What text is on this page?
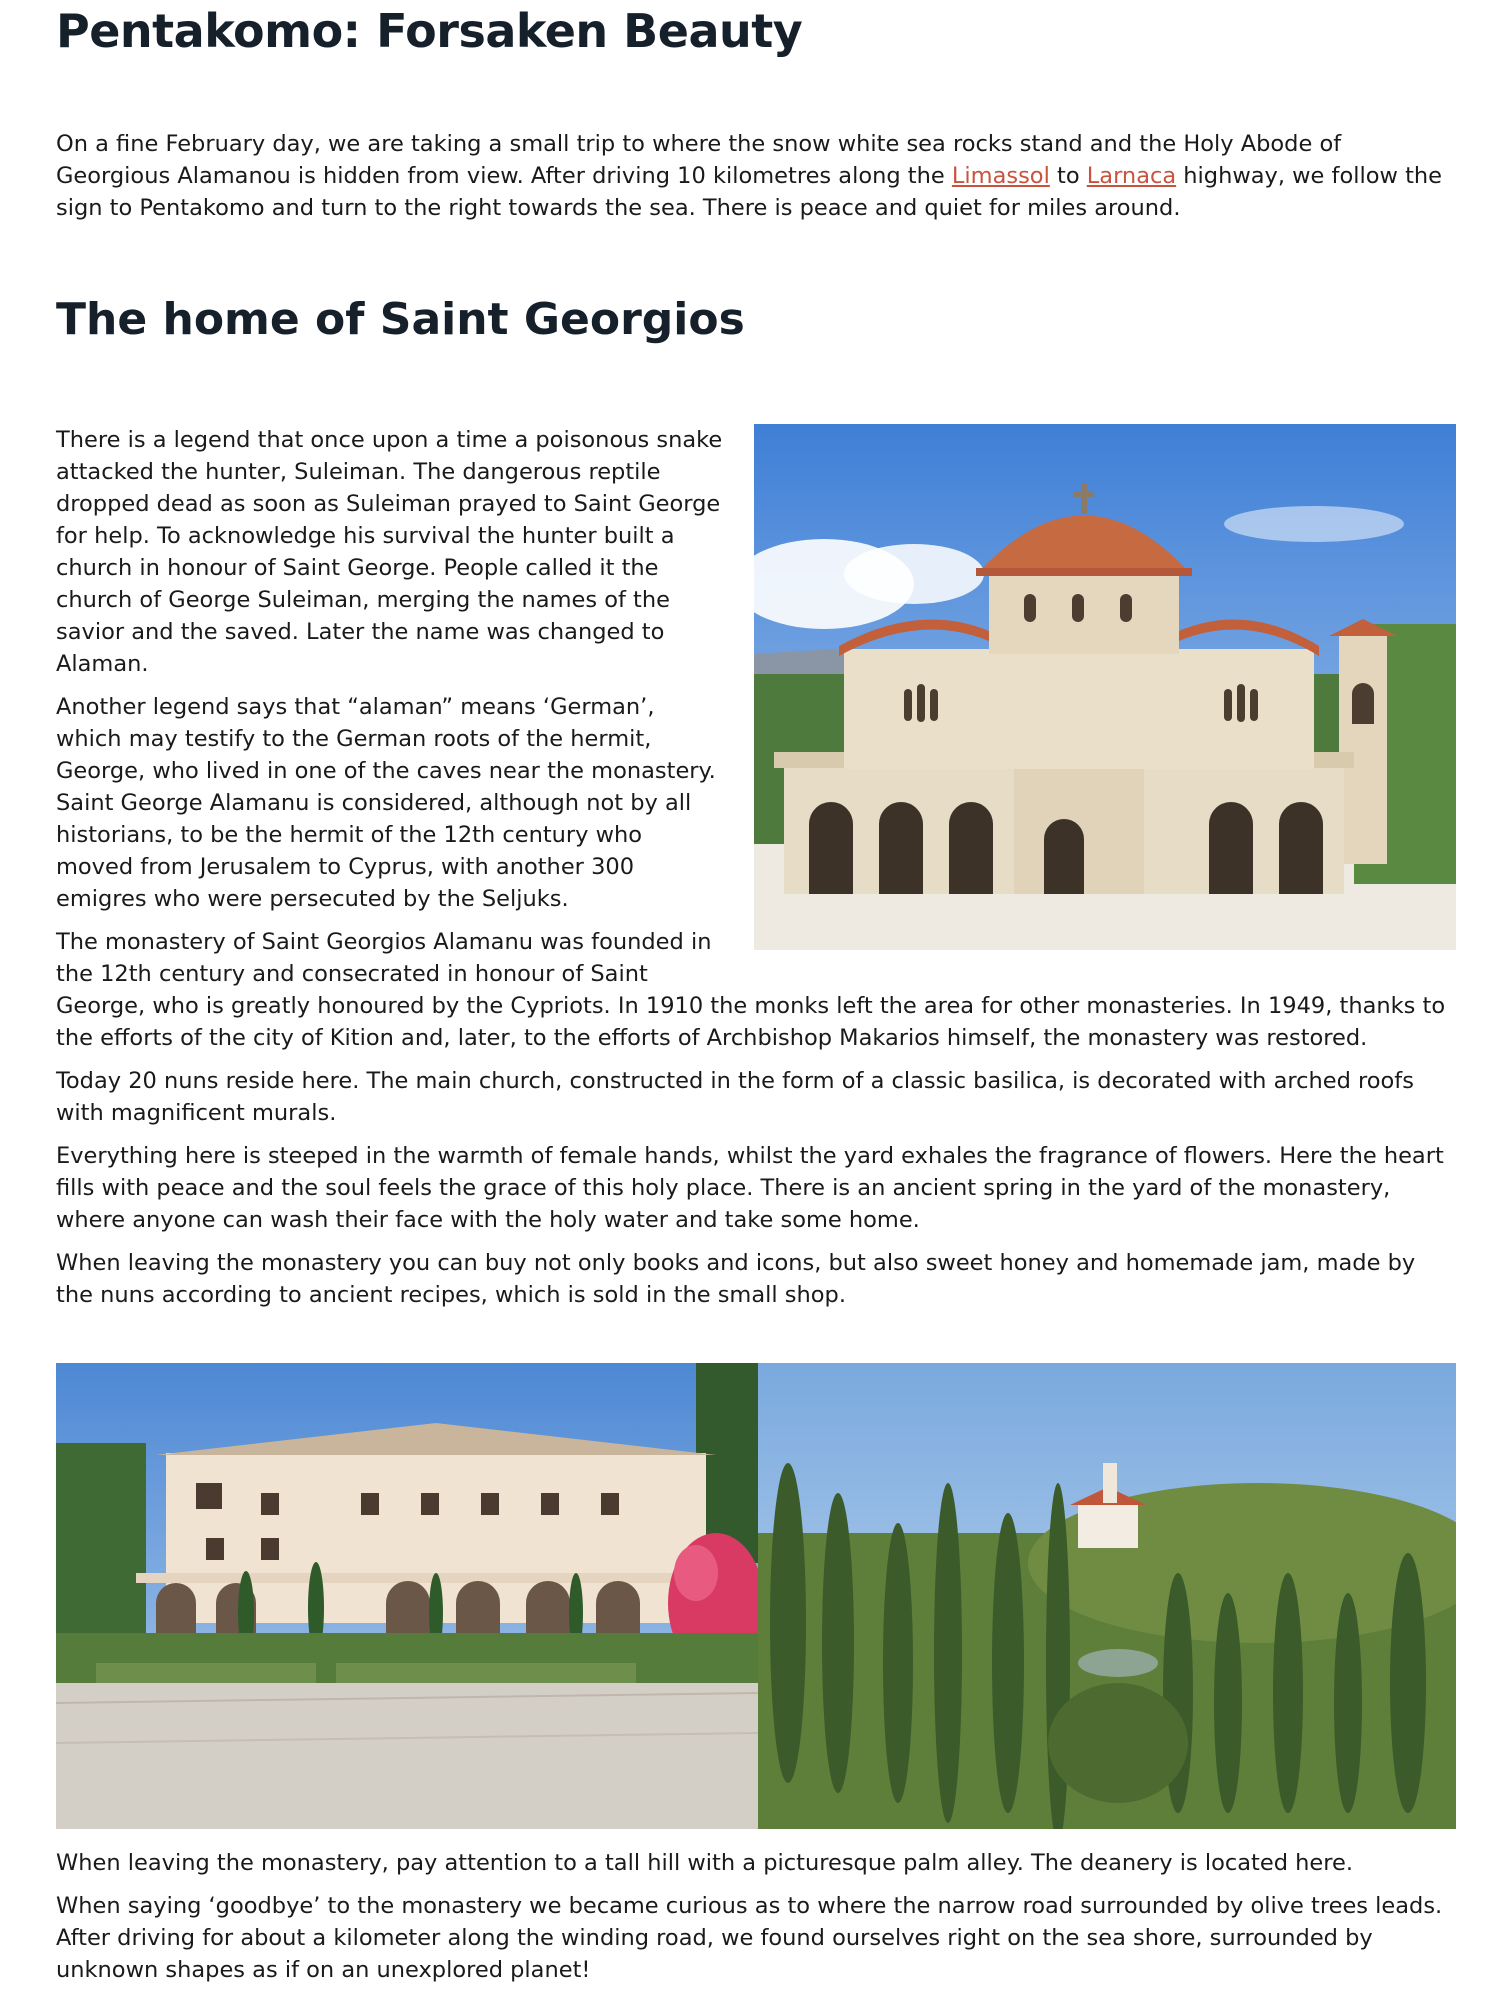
Pentakomo: Forsaken Beauty

On a fine February day, we are taking a small trip to where the snow white sea rocks stand and the Holy Abode of Georgious Alamanou is hidden from view. After driving 10 kilometres along the Limassol to Larnaca highway, we follow the sign to Pentakomo and turn to the right towards the sea. There is peace and quiet for miles around.

The home of Saint Georgios

There is a legend that once upon a time a poisonous snake attacked the hunter, Suleiman. The dangerous reptile dropped dead as soon as Suleiman prayed to Saint George for help. To acknowledge his survival the hunter built a church in honour of Saint George. People called it the church of George Suleiman, merging the names of the savior and the saved. Later the name was changed to Alaman.

Another legend says that “alaman” means ‘German’, which may testify to the German roots of the hermit, George, who lived in one of the caves near the monastery. Saint George Alamanu is considered, although not by all historians, to be the hermit of the 12th century who moved from Jerusalem to Cyprus, with another 300 emigres who were persecuted by the Seljuks.

The monastery of Saint Georgios Alamanu was founded in the 12th century and consecrated in honour of Saint George, who is greatly honoured by the Cypriots. In 1910 the monks left the area for other monasteries. In 1949, thanks to the efforts of the city of Kition and, later, to the efforts of Archbishop Makarios himself, the monastery was restored.

Today 20 nuns reside here. The main church, constructed in the form of a classic basilica, is decorated with arched roofs with magnificent murals.

Everything here is steeped in the warmth of female hands, whilst the yard exhales the fragrance of flowers. Here the heart fills with peace and the soul feels the grace of this holy place. There is an ancient spring in the yard of the monastery, where anyone can wash their face with the holy water and take some home.

When leaving the monastery you can buy not only books and icons, but also sweet honey and homemade jam, made by the nuns according to ancient recipes, which is sold in the small shop.

When leaving the monastery, pay attention to a tall hill with a picturesque palm alley. The deanery is located here.

When saying ‘goodbye’ to the monastery we became curious as to where the narrow road surrounded by olive trees leads. After driving for about a kilometer along the winding road, we found ourselves right on the sea shore, surrounded by unknown shapes as if on an unexplored planet!
